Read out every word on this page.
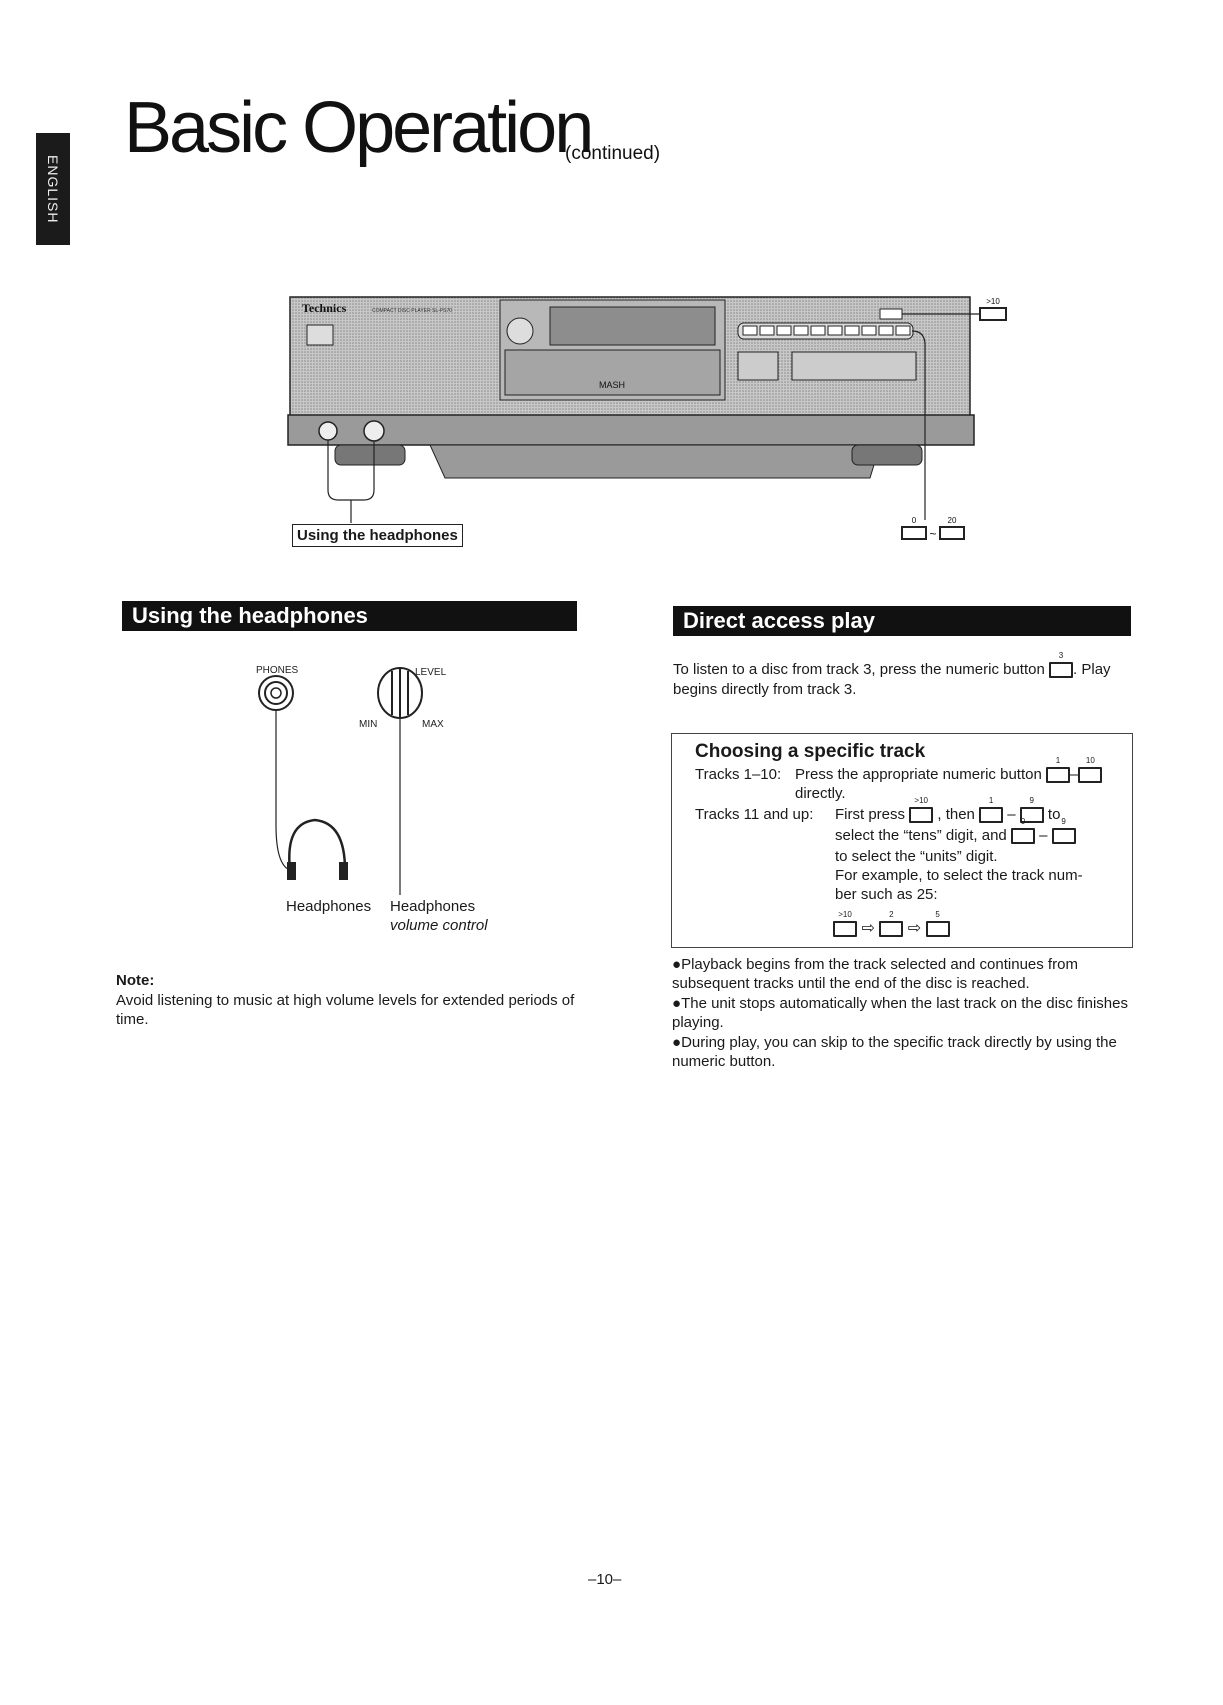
ENGLISH
Basic Operation
(continued)
Technics	COMPACT DISC PLAYER SL-PS70
MASH
>10
0	20
~
Using the headphones
Using the headphones
PHONES	LEVEL
MIN	MAX
Headphones Headphones
volume control
Note:
Avoid listening to music at high volume levels for extended periods of time.
Direct access play
To listen to a disc from track 3, press the numeric button
3
. Play
begins directly from track 3.
Choosing a specific track
Tracks 1–10: Press the appropriate numeric button
1
–
10
directly.
Tracks 11 and up: First press
>10
, then
1
–
9
to
select the “tens” digit, and
0
–
9
to select the “units” digit.
For example, to select the track num-
ber such as 25:
>10
⇨
2
⇨
5
●Playback begins from the track selected and continues from subsequent tracks until the end of the disc is reached.
●The unit stops automatically when the last track on the disc finishes playing.
●During play, you can skip to the specific track directly by using the numeric button.
–10–
